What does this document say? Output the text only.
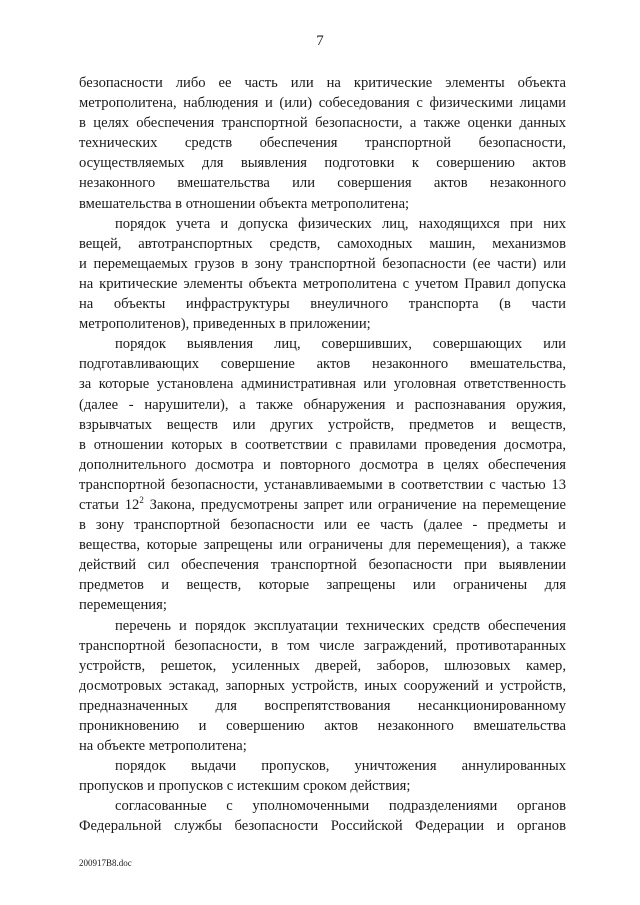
7
безопасности либо ее часть или на критические элементы объекта
метрополитена, наблюдения и (или) собеседования с физическими лицами
в целях обеспечения транспортной безопасности, а также оценки данных
технических средств обеспечения транспортной безопасности,
осуществляемых для выявления подготовки к совершению актов
незаконного вмешательства или совершения актов незаконного
вмешательства в отношении объекта метрополитена;
порядок учета и допуска физических лиц, находящихся при них
вещей, автотранспортных средств, самоходных машин, механизмов
и перемещаемых грузов в зону транспортной безопасности (ее части) или
на критические элементы объекта метрополитена с учетом Правил допуска
на объекты инфраструктуры внеуличного транспорта (в части
метрополитенов), приведенных в приложении;
порядок выявления лиц, совершивших, совершающих или
подготавливающих совершение актов незаконного вмешательства,
за которые установлена административная или уголовная ответственность
(далее - нарушители), а также обнаружения и распознавания оружия,
взрывчатых веществ или других устройств, предметов и веществ,
в отношении которых в соответствии с правилами проведения досмотра,
дополнительного досмотра и повторного досмотра в целях обеспечения
транспортной безопасности, устанавливаемыми в соответствии с частью 13
статьи $12^2$ Закона, предусмотрены запрет или ограничение на перемещение
в зону транспортной безопасности или ее часть (далее - предметы и
вещества, которые запрещены или ограничены для перемещения), а также
действий сил обеспечения транспортной безопасности при выявлении
предметов и веществ, которые запрещены или ограничены для
перемещения;
перечень и порядок эксплуатации технических средств обеспечения
транспортной безопасности, в том числе заграждений, противотаранных
устройств, решеток, усиленных дверей, заборов, шлюзовых камер,
досмотровых эстакад, запорных устройств, иных сооружений и устройств,
предназначенных для воспрепятствования несанкционированному
проникновению и совершению актов незаконного вмешательства
на объекте метрополитена;
порядок выдачи пропусков, уничтожения аннулированных
пропусков и пропусков с истекшим сроком действия;
согласованные с уполномоченными подразделениями органов
Федеральной службы безопасности Российской Федерации и органов
200917B8.doc
